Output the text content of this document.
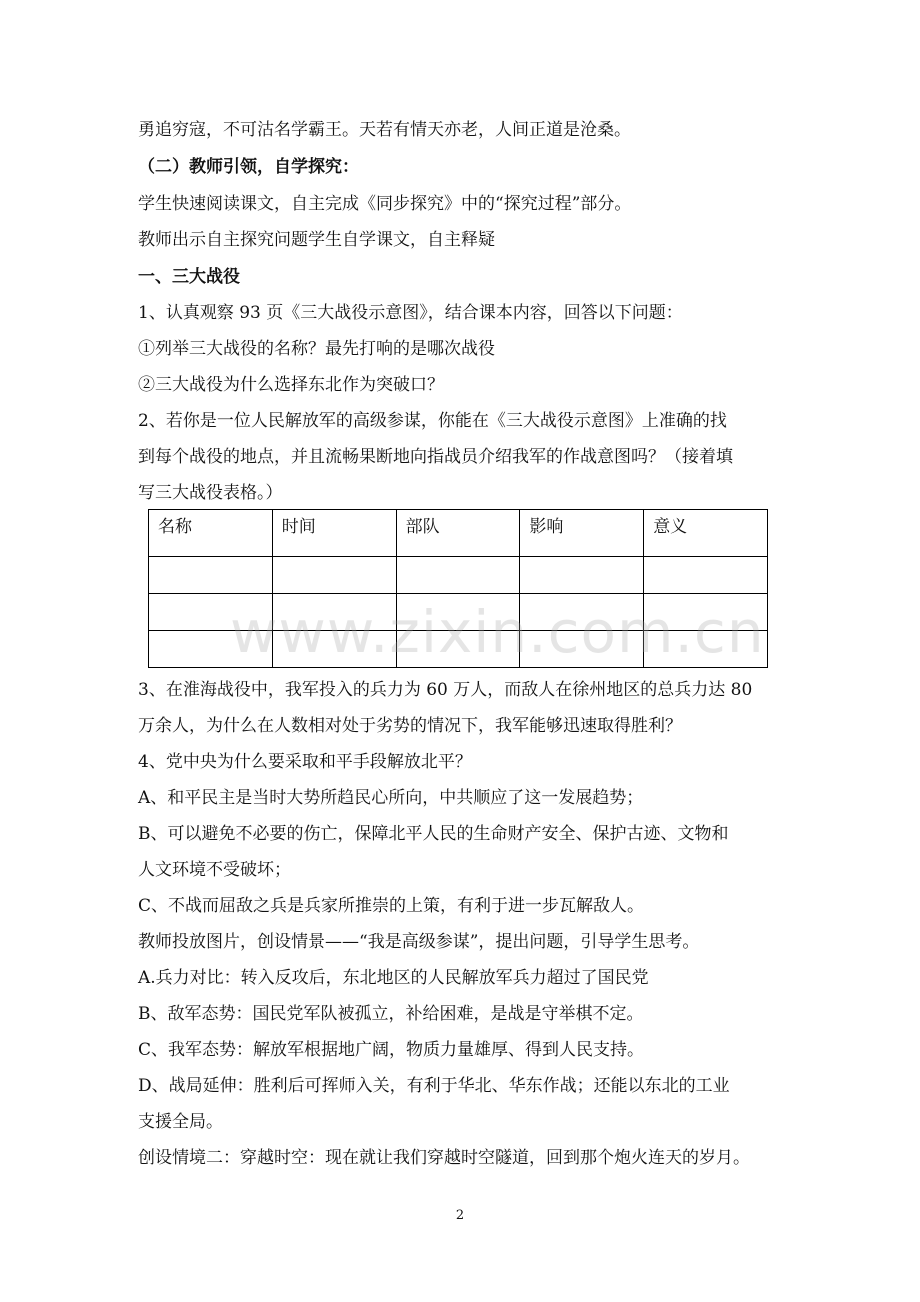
勇追穷寇，不可沽名学霸王。天若有情天亦老，人间正道是沧桑。

（二）教师引领，自学探究：

学生快速阅读课文，自主完成《同步探究》中的“探究过程”部分。

教师出示自主探究问题学生自学课文，自主释疑

一、三大战役

1、认真观察 93 页《三大战役示意图》，结合课本内容，回答以下问题：

①列举三大战役的名称？最先打响的是哪次战役

②三大战役为什么选择东北作为突破口？

2、若你是一位人民解放军的高级参谋，你能在《三大战役示意图》上准确的找

到每个战役的地点，并且流畅果断地向指战员介绍我军的作战意图吗？（接着填

写三大战役表格。）

名称	时间	部队	影响	意义

www.zixin.com.cn

3、在淮海战役中，我军投入的兵力为 60 万人，而敌人在徐州地区的总兵力达 80

万余人，为什么在人数相对处于劣势的情况下，我军能够迅速取得胜利？

4、党中央为什么要采取和平手段解放北平？

A、和平民主是当时大势所趋民心所向，中共顺应了这一发展趋势；

B、可以避免不必要的伤亡，保障北平人民的生命财产安全、保护古迹、文物和

人文环境不受破坏；

C、不战而屈敌之兵是兵家所推崇的上策，有利于进一步瓦解敌人。

教师投放图片，创设情景——“我是高级参谋”，提出问题，引导学生思考。

A.兵力对比：转入反攻后，东北地区的人民解放军兵力超过了国民党

B、敌军态势：国民党军队被孤立，补给困难，是战是守举棋不定。

C、我军态势：解放军根据地广阔，物质力量雄厚、得到人民支持。

D、战局延伸：胜利后可挥师入关，有利于华北、华东作战；还能以东北的工业

支援全局。

创设情境二：穿越时空：现在就让我们穿越时空隧道，回到那个炮火连天的岁月。

2
